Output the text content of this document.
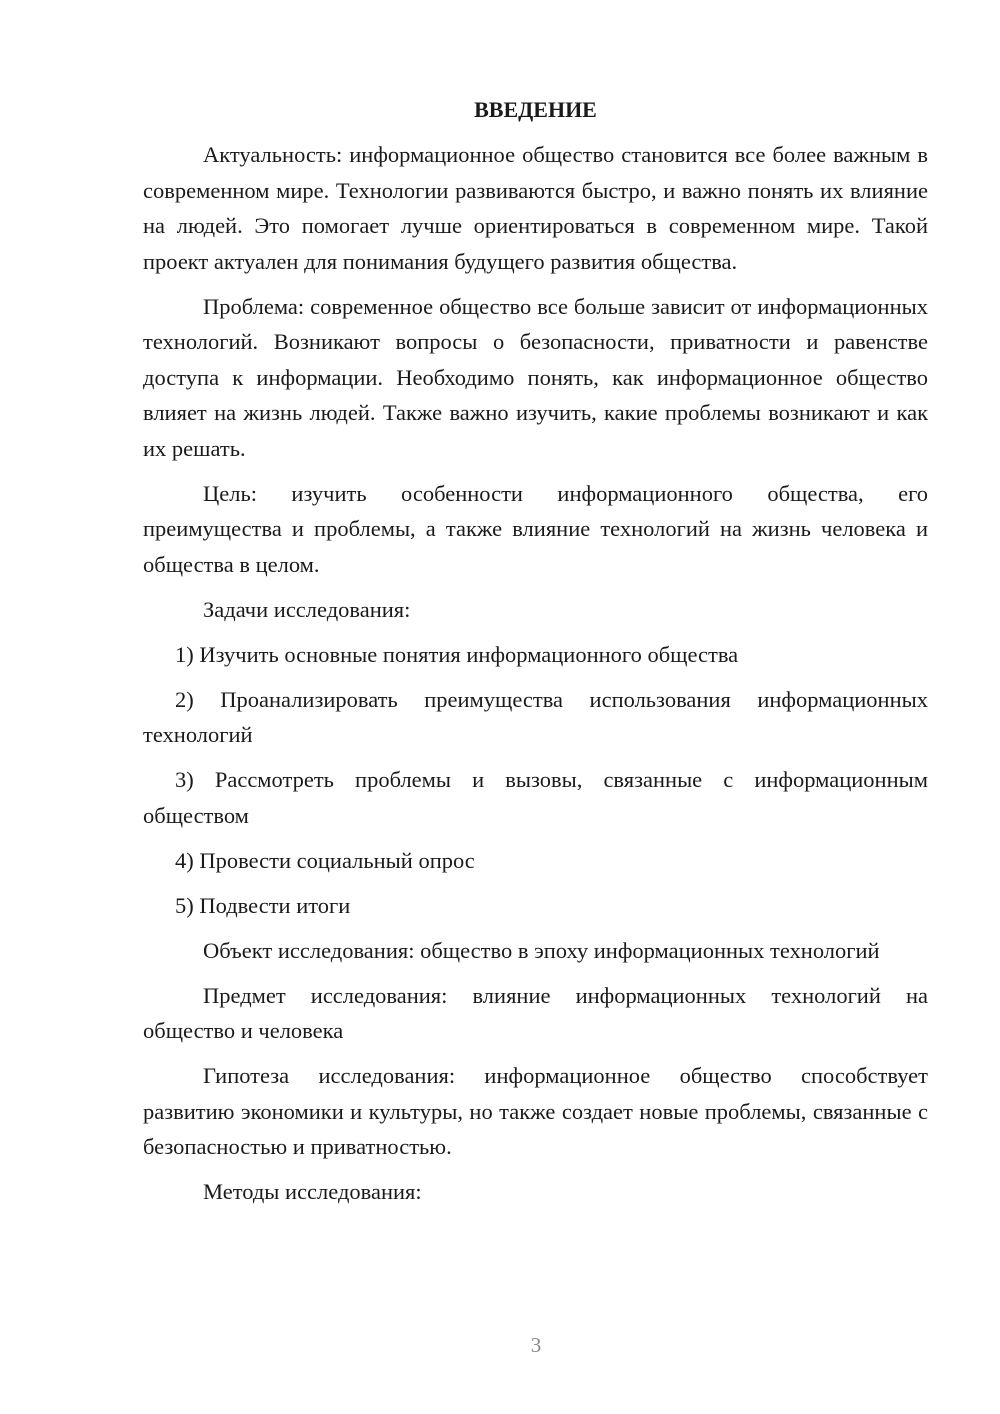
ВВЕДЕНИЕ

Актуальность: информационное общество становится все более важным в современном мире. Технологии развиваются быстро, и важно понять их влияние на людей. Это помогает лучше ориентироваться в современном мире. Такой проект актуален для понимания будущего развития общества.

Проблема: современное общество все больше зависит от информационных технологий. Возникают вопросы о безопасности, приватности и равенстве доступа к информации. Необходимо понять, как информационное общество влияет на жизнь людей. Также важно изучить, какие проблемы возникают и как их решать.

Цель: изучить особенности информационного общества, его преимущества и проблемы, а также влияние технологий на жизнь человека и общества в целом.

Задачи исследования:

1) Изучить основные понятия информационного общества

2) Проанализировать преимущества использования информационных технологий

3) Рассмотреть проблемы и вызовы, связанные с информационным обществом

4) Провести социальный опрос

5) Подвести итоги

Объект исследования: общество в эпоху информационных технологий

Предмет исследования: влияние информационных технологий на общество и человека

Гипотеза исследования: информационное общество способствует развитию экономики и культуры, но также создает новые проблемы, связанные с безопасностью и приватностью.

Методы исследования:

3
